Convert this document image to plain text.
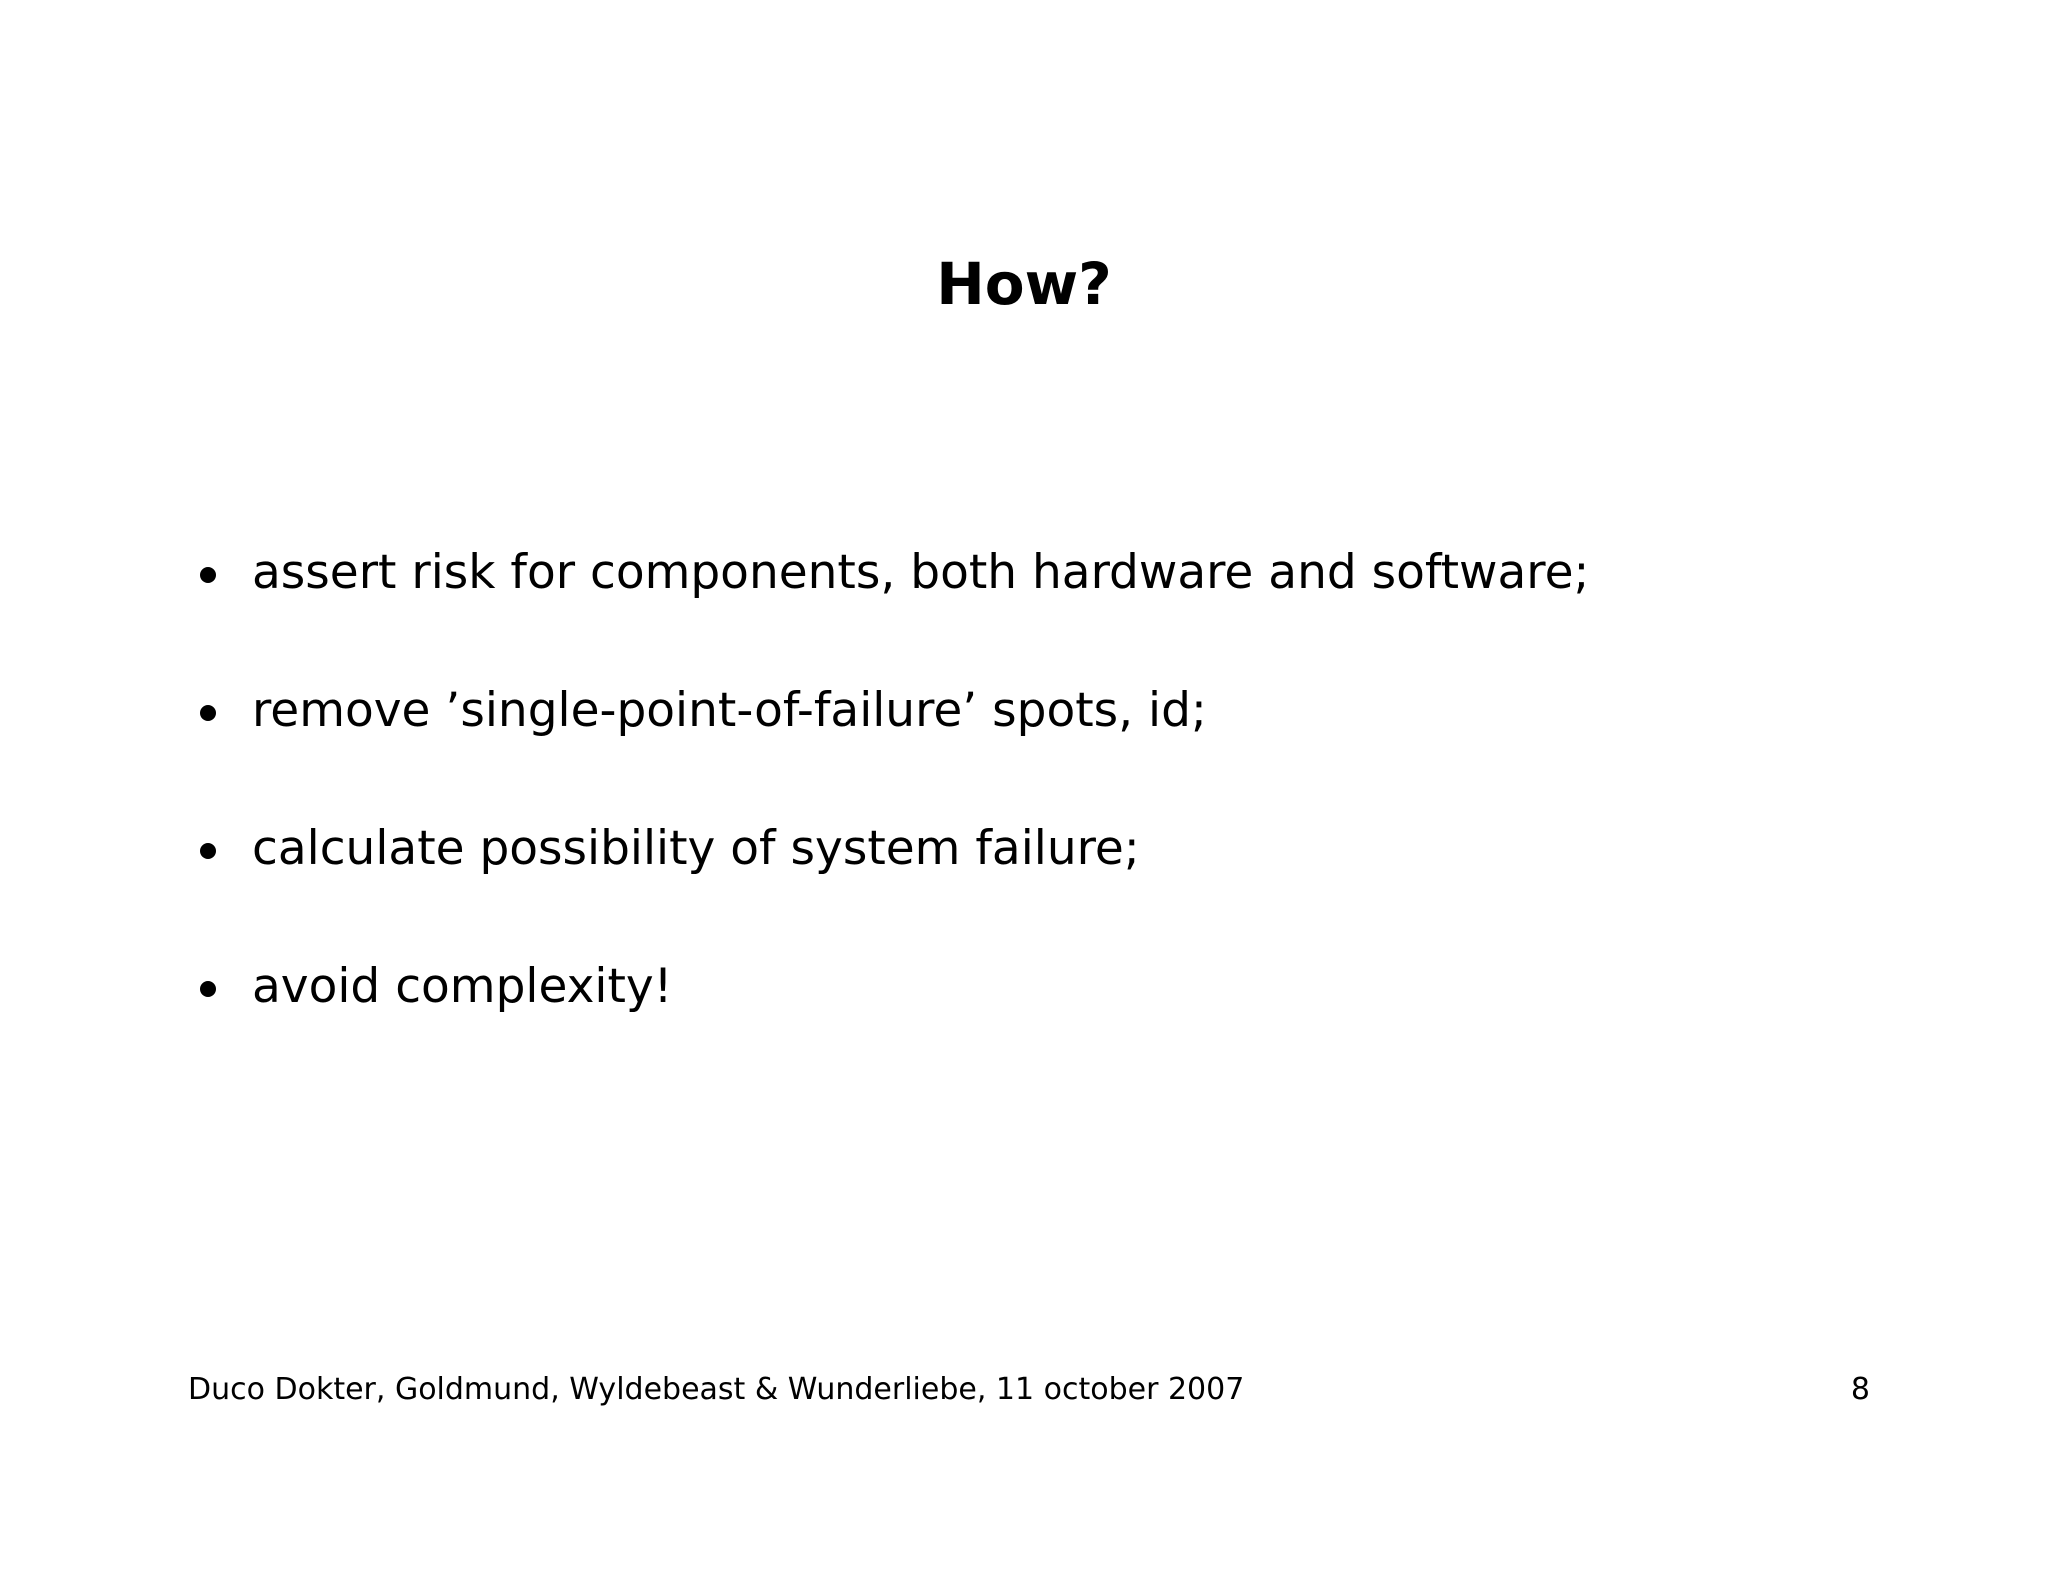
How?
assert risk for components, both hardware and software;
remove ’single-point-of-failure’ spots, id;
calculate possibility of system failure;
avoid complexity!
Duco Dokter, Goldmund, Wyldebeast & Wunderliebe, 11 october 2007	8
